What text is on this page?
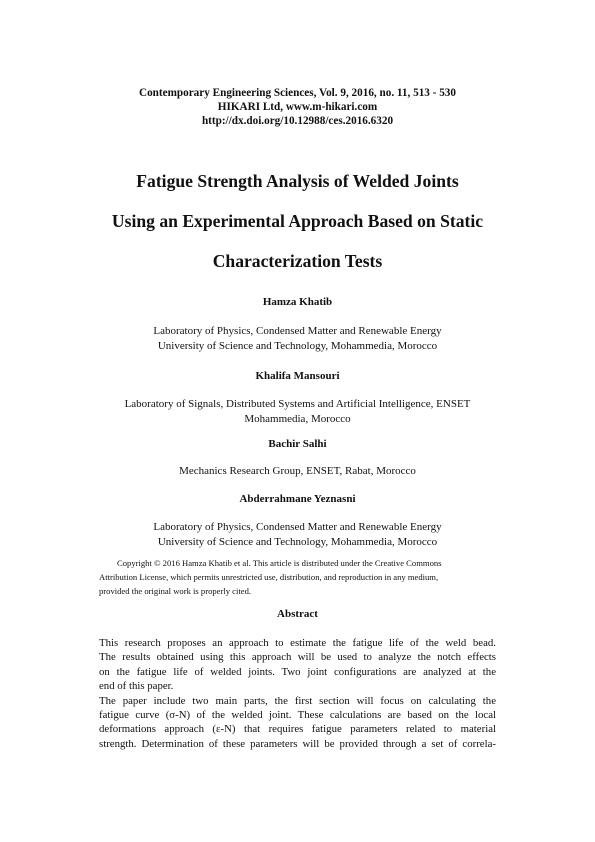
Contemporary Engineering Sciences, Vol. 9, 2016, no. 11, 513 - 530
HIKARI Ltd, www.m-hikari.com
http://dx.doi.org/10.12988/ces.2016.6320
Fatigue Strength Analysis of Welded Joints
Using an Experimental Approach Based on Static
Characterization Tests
Hamza Khatib
Laboratory of Physics, Condensed Matter and Renewable Energy
University of Science and Technology, Mohammedia, Morocco
Khalifa Mansouri
Laboratory of Signals, Distributed Systems and Artificial Intelligence, ENSET
Mohammedia, Morocco
Bachir Salhi
Mechanics Research Group, ENSET, Rabat, Morocco
Abderrahmane Yeznasni
Laboratory of Physics, Condensed Matter and Renewable Energy
University of Science and Technology, Mohammedia, Morocco
Copyright © 2016 Hamza Khatib et al. This article is distributed under the Creative Commons
Attribution License, which permits unrestricted use, distribution, and reproduction in any medium,
provided the original work is properly cited.
Abstract
This research proposes an approach to estimate the fatigue life of the weld bead.
The results obtained using this approach will be used to analyze the notch effects
on the fatigue life of welded joints. Two joint configurations are analyzed at the
end of this paper.
The paper include two main parts, the first section will focus on calculating the
fatigue curve (σ-N) of the welded joint. These calculations are based on the local
deformations approach (ε-N) that requires fatigue parameters related to material
strength. Determination of these parameters will be provided through a set of correla-
